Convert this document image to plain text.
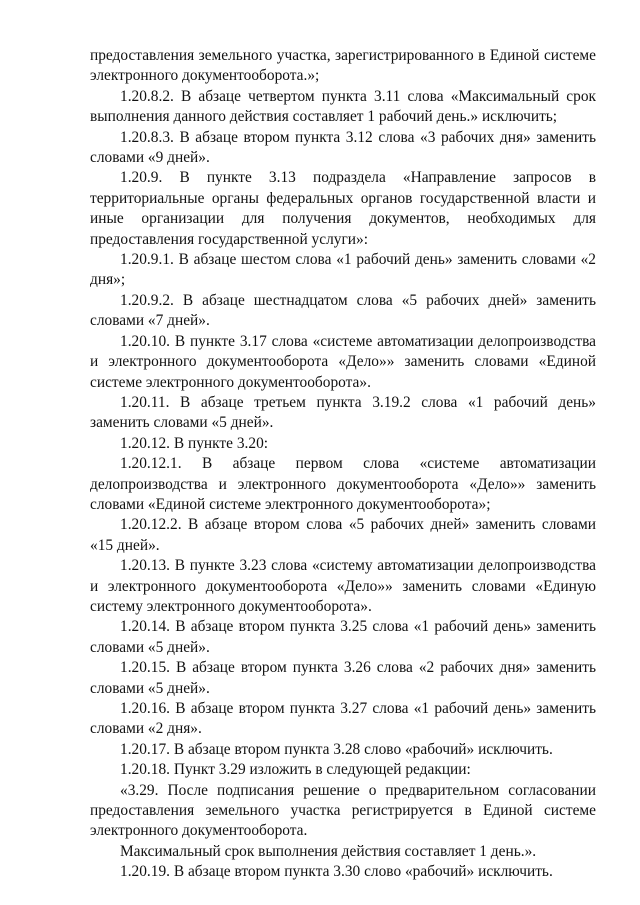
предоставления земельного участка, зарегистрированного в Единой системе электронного документооборота.»;

1.20.8.2. В абзаце четвертом пункта 3.11 слова «Максимальный срок выполнения данного действия составляет 1 рабочий день.» исключить;

1.20.8.3. В абзаце втором пункта 3.12 слова «3 рабочих дня» заменить словами «9 дней».

1.20.9. В пункте 3.13 подраздела «Направление запросов в территориальные органы федеральных органов государственной власти и иные организации для получения документов, необходимых для предоставления государственной услуги»:

1.20.9.1. В абзаце шестом слова «1 рабочий день» заменить словами «2 дня»;

1.20.9.2. В абзаце шестнадцатом слова «5 рабочих дней» заменить словами «7 дней».

1.20.10. В пункте 3.17 слова «системе автоматизации делопроизводства и электронного документооборота «Дело»» заменить словами «Единой системе электронного документооборота».

1.20.11. В абзаце третьем пункта 3.19.2 слова «1 рабочий день» заменить словами «5 дней».

1.20.12. В пункте 3.20:

1.20.12.1. В абзаце первом слова «системе автоматизации делопроизводства и электронного документооборота «Дело»» заменить словами «Единой системе электронного документооборота»;

1.20.12.2. В абзаце втором слова «5 рабочих дней» заменить словами «15 дней».

1.20.13. В пункте 3.23 слова «систему автоматизации делопроизводства и электронного документооборота «Дело»» заменить словами «Единую систему электронного документооборота».

1.20.14. В абзаце втором пункта 3.25 слова «1 рабочий день» заменить словами «5 дней».

1.20.15. В абзаце втором пункта 3.26 слова «2 рабочих дня» заменить словами «5 дней».

1.20.16. В абзаце втором пункта 3.27 слова «1 рабочий день» заменить словами «2 дня».

1.20.17. В абзаце втором пункта 3.28 слово «рабочий» исключить.

1.20.18. Пункт 3.29 изложить в следующей редакции:

«3.29. После подписания решение о предварительном согласовании предоставления земельного участка регистрируется в Единой системе электронного документооборота.

Максимальный срок выполнения действия составляет 1 день.».

1.20.19. В абзаце втором пункта 3.30 слово «рабочий» исключить.
